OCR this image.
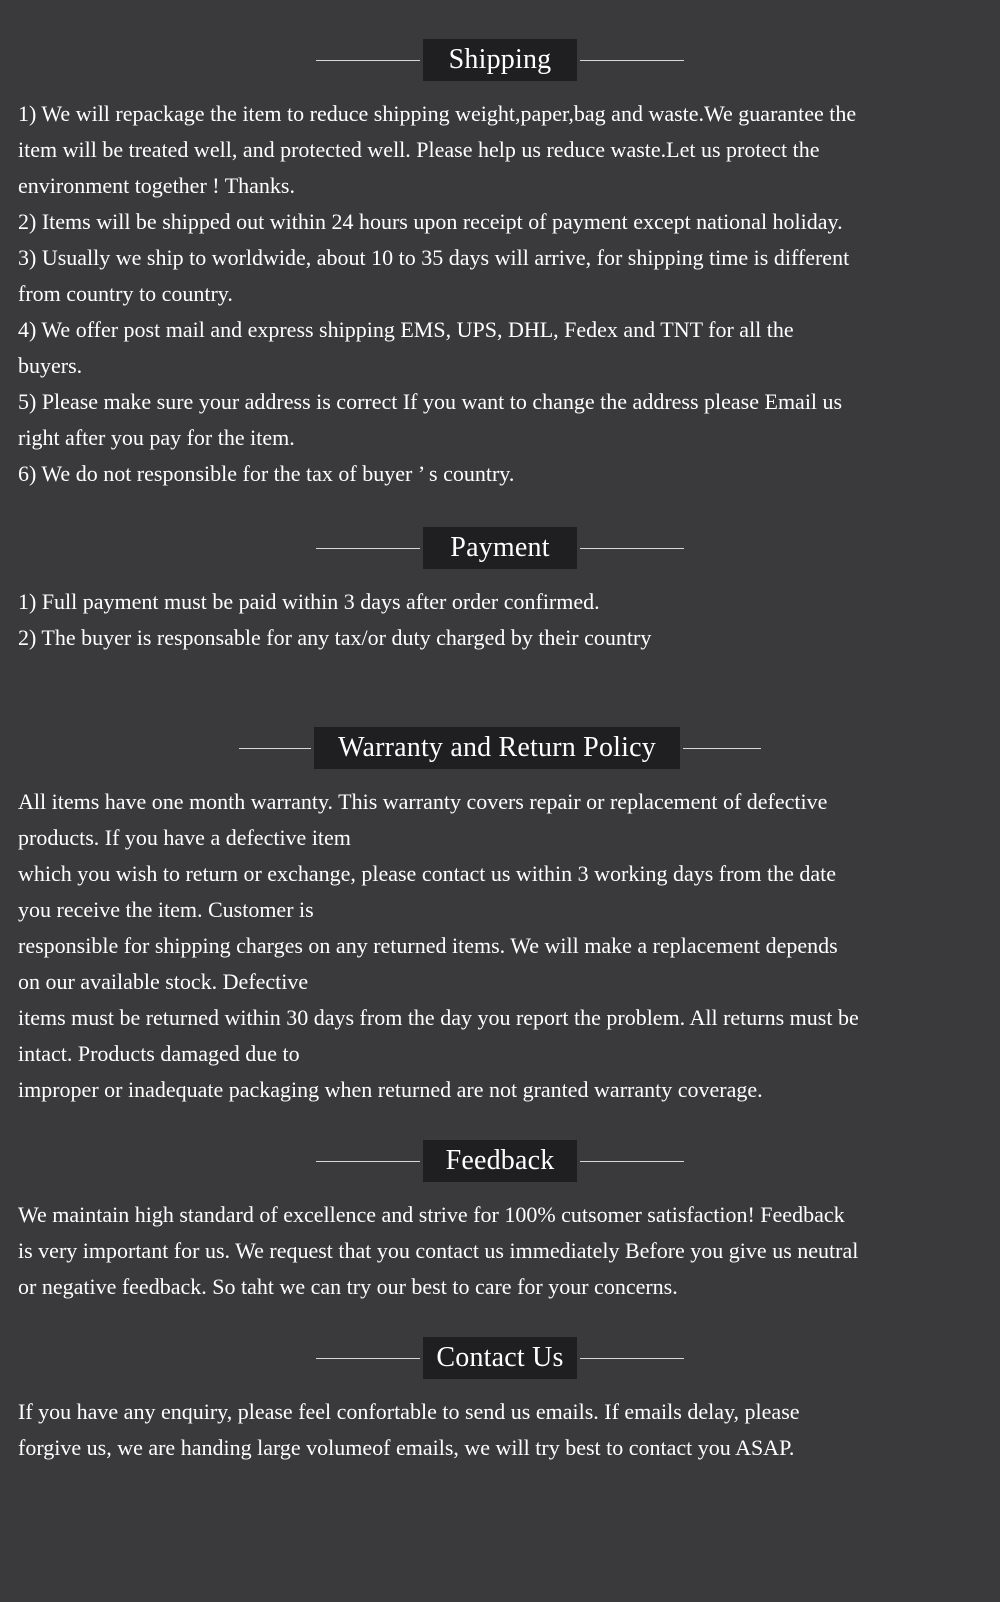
Shipping
1) We will repackage the item to reduce shipping weight,paper,bag and waste.We guarantee the
item will be treated well, and protected well. Please help us reduce waste.Let us protect the
environment together ! Thanks.
2) Items will be shipped out within 24 hours upon receipt of payment except national holiday.
3) Usually we ship to worldwide, about 10 to 35 days will arrive, for shipping time is different
from country to country.
4) We offer post mail and express shipping EMS, UPS, DHL, Fedex and TNT for all the
buyers.
5) Please make sure your address is correct If you want to change the address please Email us
right after you pay for the item.
6) We do not responsible for the tax of buyer ’ s country.
Payment
1) Full payment must be paid within 3 days after order confirmed.
2) The buyer is responsable for any tax/or duty charged by their country
Warranty and Return Policy
All items have one month warranty. This warranty covers repair or replacement of defective
products. If you have a defective item
which you wish to return or exchange, please contact us within 3 working days from the date
you receive the item. Customer is
responsible for shipping charges on any returned items. We will make a replacement depends
on our available stock. Defective
items must be returned within 30 days from the day you report the problem. All returns must be
intact. Products damaged due to
improper or inadequate packaging when returned are not granted warranty coverage.
Feedback
We maintain high standard of excellence and strive for 100% cutsomer satisfaction! Feedback
is very important for us. We request that you contact us immediately Before you give us neutral
or negative feedback. So taht we can try our best to care for your concerns.
Contact Us
If you have any enquiry, please feel confortable to send us emails. If emails delay, please
forgive us, we are handing large volumeof emails, we will try best to contact you ASAP.
